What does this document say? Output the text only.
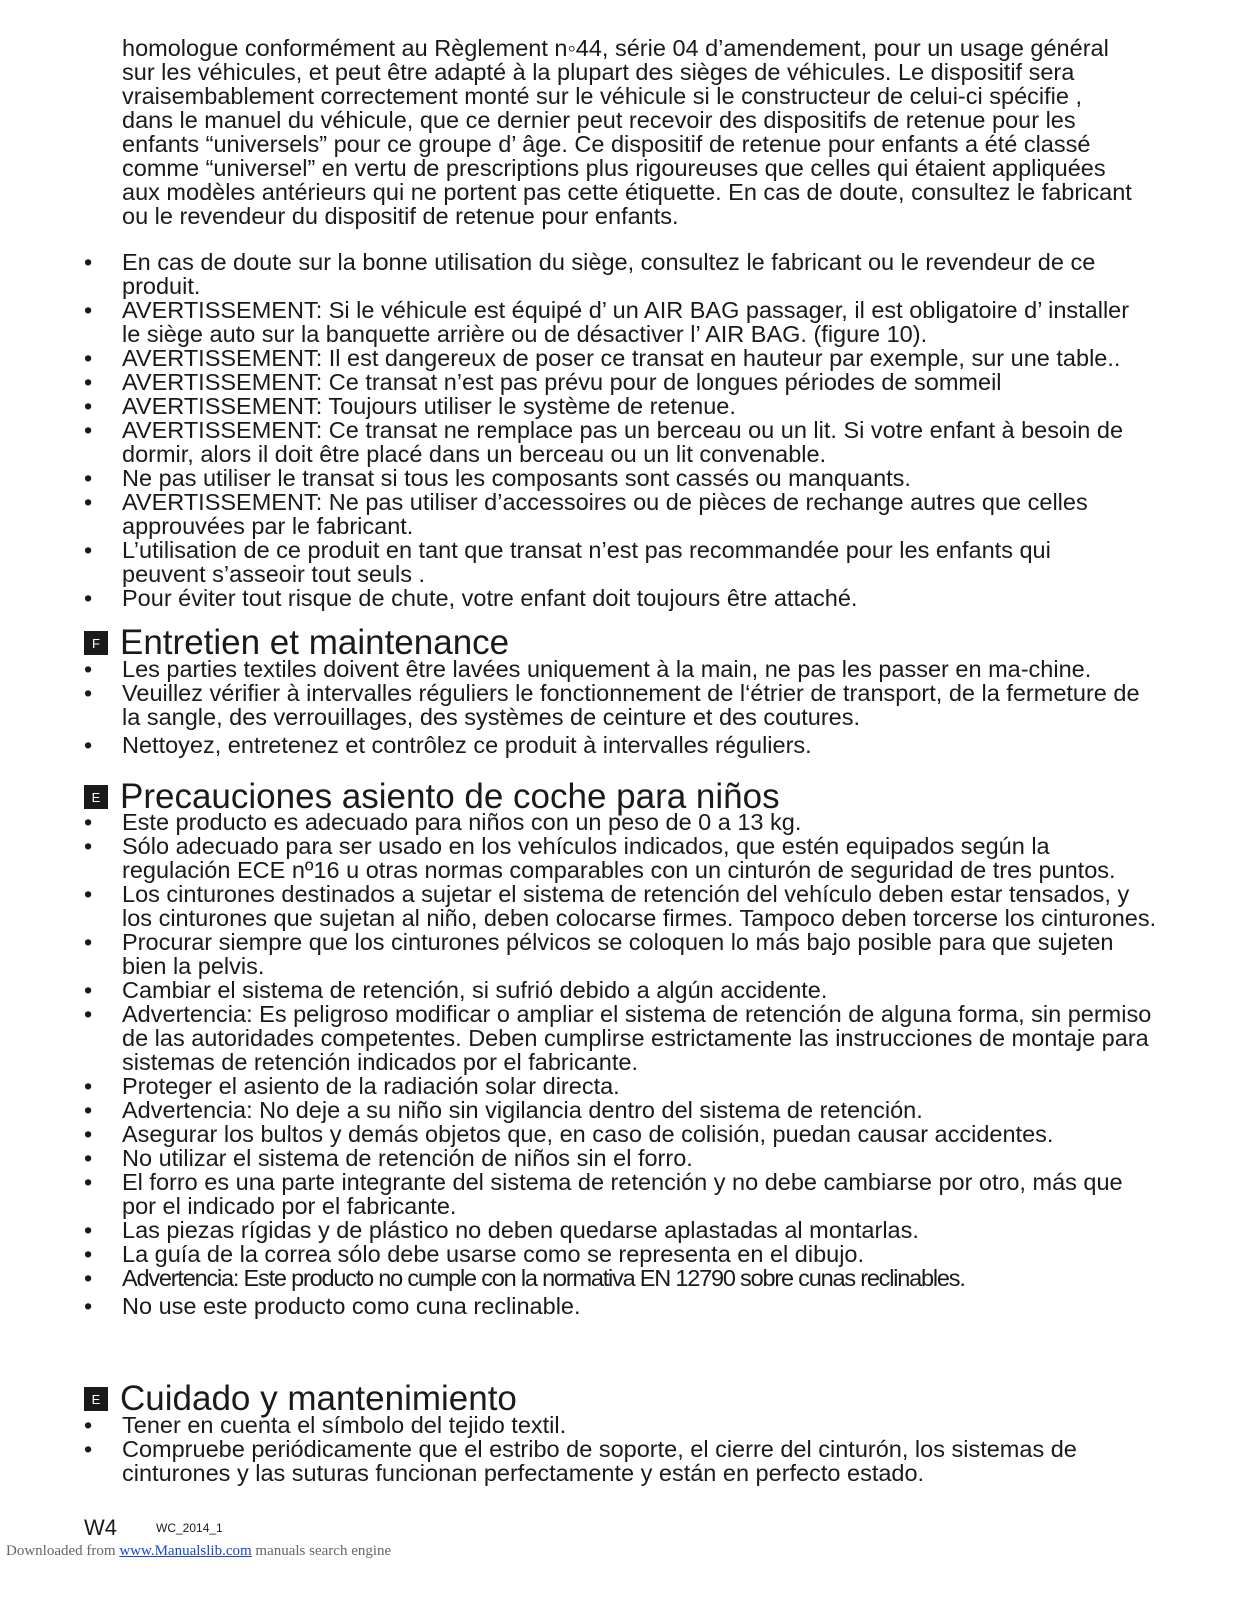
homologue conformément au Règlement n◦44, série 04 d’amendement, pour un usage général sur les véhicules, et peut être adapté à la plupart des sièges de véhicules. Le dispositif sera vraisembablement correctement monté sur le véhicule si le constructeur de celui-ci spécifie , dans le manuel du véhicule, que ce dernier peut recevoir des dispositifs de retenue pour les enfants “universels” pour ce groupe d’ âge. Ce dispositif de retenue pour enfants a été classé comme “universel” en vertu de prescriptions plus rigoureuses que celles qui étaient appliquées aux modèles antérieurs qui ne portent pas cette étiquette. En cas de doute, consultez le fabricant ou le revendeur du dispositif de retenue pour enfants.

• En cas de doute sur la bonne utilisation du siège, consultez le fabricant ou le revendeur de ce produit.
• AVERTISSEMENT: Si le véhicule est équipé d’ un AIR BAG passager, il est obligatoire d’ installer le siège auto sur la banquette arrière ou de désactiver l’ AIR BAG. (figure 10).
• AVERTISSEMENT: Il est dangereux de poser ce transat en hauteur par exemple, sur une table..
• AVERTISSEMENT: Ce transat n’est pas prévu pour de longues périodes de sommeil
• AVERTISSEMENT: Toujours utiliser le système de retenue.
• AVERTISSEMENT: Ce transat ne remplace pas un berceau ou un lit. Si votre enfant à besoin de dormir, alors il doit être placé dans un berceau ou un lit convenable.
• Ne pas utiliser le transat si tous les composants sont cassés ou manquants.
• AVERTISSEMENT: Ne pas utiliser d’accessoires ou de pièces de rechange autres que celles approuvées par le fabricant.
• L’utilisation de ce produit en tant que transat n’est pas recommandée pour les enfants qui peuvent s’asseoir tout seuls .
• Pour éviter tout risque de chute, votre enfant doit toujours être attaché.
F Entretien et maintenance
• Les parties textiles doivent être lavées uniquement à la main, ne pas les passer en ma-chine.
• Veuillez vérifier à intervalles réguliers le fonctionnement de l‘étrier de transport, de la fermeture de la sangle, des verrouillages, des systèmes de ceinture et des coutures.
• Nettoyez, entretenez et contrôlez ce produit à intervalles réguliers.
E Precauciones asiento de coche para niños
• Este producto es adecuado para niños con un peso de 0 a 13 kg.
• Sólo adecuado para ser usado en los vehículos indicados, que estén equipados según la regulación ECE nº16 u otras normas comparables con un cinturón de seguridad de tres puntos.
• Los cinturones destinados a sujetar el sistema de retención del vehículo deben estar tensados, y los cinturones que sujetan al niño, deben colocarse firmes. Tampoco deben torcerse los cinturones.
• Procurar siempre que los cinturones pélvicos se coloquen lo más bajo posible para que sujeten bien la pelvis.
• Cambiar el sistema de retención, si sufrió debido a algún accidente.
• Advertencia: Es peligroso modificar o ampliar el sistema de retención de alguna forma, sin permiso de las autoridades competentes. Deben cumplirse estrictamente las instrucciones de montaje para sistemas de retención indicados por el fabricante.
• Proteger el asiento de la radiación solar directa.
• Advertencia: No deje a su niño sin vigilancia dentro del sistema de retención.
• Asegurar los bultos y demás objetos que, en caso de colisión, puedan causar accidentes.
• No utilizar el sistema de retención de niños sin el forro.
• El forro es una parte integrante del sistema de retención y no debe cambiarse por otro, más que por el indicado por el fabricante.
• Las piezas rígidas y de plástico no deben quedarse aplastadas al montarlas.
• La guía de la correa sólo debe usarse como se representa en el dibujo.
• Advertencia: Este producto no cumple con la normativa EN 12790 sobre cunas reclinables.
• No use este producto como cuna reclinable.
E Cuidado y mantenimiento
• Tener en cuenta el símbolo del tejido textil.
• Compruebe periódicamente que el estribo de soporte, el cierre del cinturón, los sistemas de cinturones y las suturas funcionan perfectamente y están en perfecto estado.
W4	WC_2014_1
Downloaded from www.Manualslib.com manuals search engine
